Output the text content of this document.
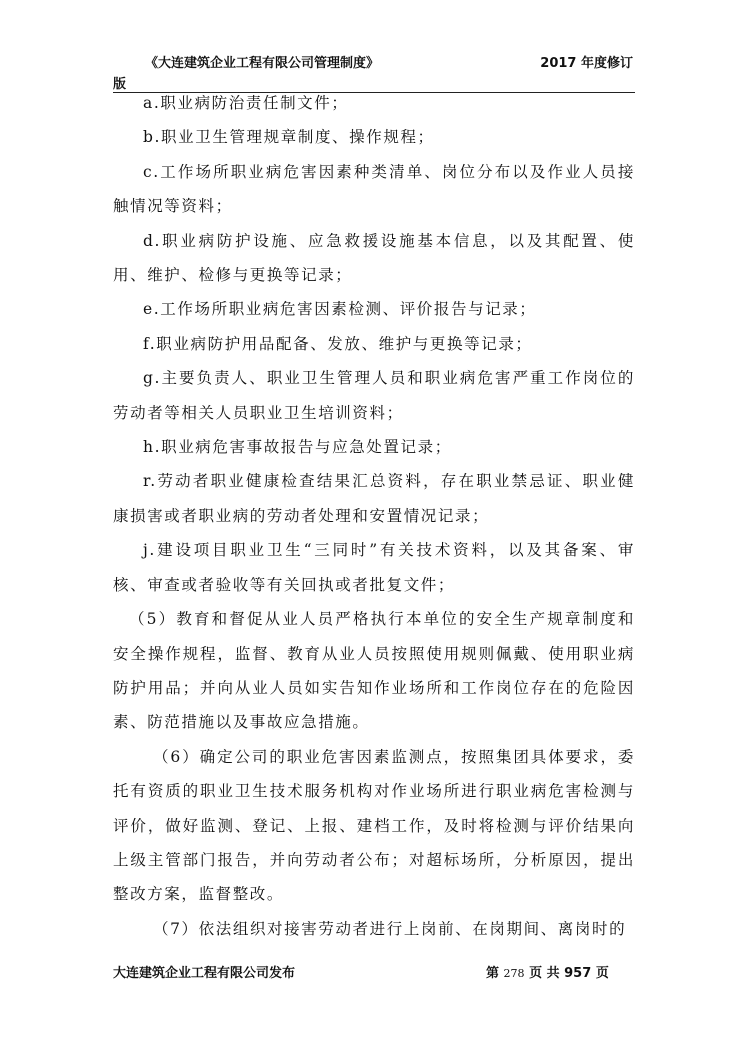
《大连建筑企业工程有限公司管理制度》	2017 年度修订
版

a.职业病防治责任制文件；

b.职业卫生管理规章制度、操作规程；

c.工作场所职业病危害因素种类清单、岗位分布以及作业人员接触情况等资料；

d.职业病防护设施、应急救援设施基本信息，以及其配置、使用、维护、检修与更换等记录；

e.工作场所职业病危害因素检测、评价报告与记录；

f.职业病防护用品配备、发放、维护与更换等记录；

g.主要负责人、职业卫生管理人员和职业病危害严重工作岗位的劳动者等相关人员职业卫生培训资料；

h.职业病危害事故报告与应急处置记录；

r.劳动者职业健康检查结果汇总资料，存在职业禁忌证、职业健康损害或者职业病的劳动者处理和安置情况记录；

j.建设项目职业卫生“三同时”有关技术资料，以及其备案、审核、审查或者验收等有关回执或者批复文件；

（5）教育和督促从业人员严格执行本单位的安全生产规章制度和安全操作规程，监督、教育从业人员按照使用规则佩戴、使用职业病防护用品；并向从业人员如实告知作业场所和工作岗位存在的危险因素、防范措施以及事故应急措施。

（6）确定公司的职业危害因素监测点，按照集团具体要求，委托有资质的职业卫生技术服务机构对作业场所进行职业病危害检测与评价，做好监测、登记、上报、建档工作，及时将检测与评价结果向上级主管部门报告，并向劳动者公布；对超标场所，分析原因，提出整改方案，监督整改。

（7）依法组织对接害劳动者进行上岗前、在岗期间、离岗时的

大连建筑企业工程有限公司发布	第 278 页 共 957 页
